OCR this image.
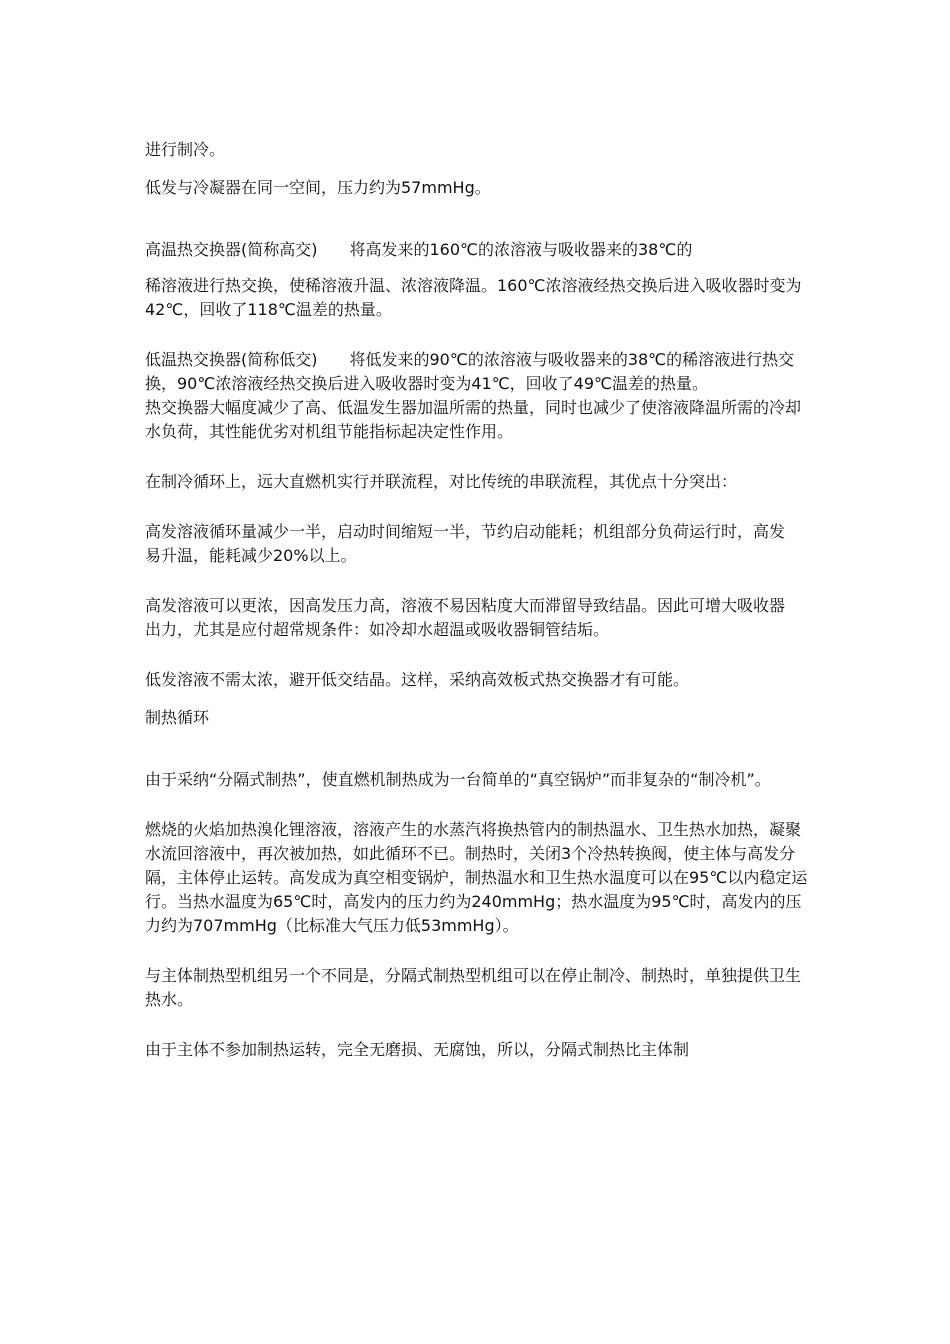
进行制冷。

低发与冷凝器在同一空间，压力约为57mmHg。

高温热交换器(简称高交)　　将高发来的160℃的浓溶液与吸收器来的38℃的

稀溶液进行热交换，使稀溶液升温、浓溶液降温。160℃浓溶液经热交换后进入吸收器时变为42℃，回收了118℃温差的热量。

低温热交换器(简称低交)　　将低发来的90℃的浓溶液与吸收器来的38℃的稀溶液进行热交换，90℃浓溶液经热交换后进入吸收器时变为41℃，回收了49℃温差的热量。

热交换器大幅度减少了高、低温发生器加温所需的热量，同时也减少了使溶液降温所需的冷却水负荷，其性能优劣对机组节能指标起决定性作用。

在制冷循环上，远大直燃机实行并联流程，对比传统的串联流程，其优点十分突出：

高发溶液循环量减少一半，启动时间缩短一半，节约启动能耗；机组部分负荷运行时，高发
易升温，能耗减少20%以上。

高发溶液可以更浓，因高发压力高，溶液不易因粘度大而滞留导致结晶。因此可增大吸收器
出力，尤其是应付超常规条件：如冷却水超温或吸收器铜管结垢。

低发溶液不需太浓，避开低交结晶。这样，采纳高效板式热交换器才有可能。

制热循环

由于采纳“分隔式制热”，使直燃机制热成为一台简单的“真空锅炉”而非复杂的“制冷机”。

燃烧的火焰加热溴化锂溶液，溶液产生的水蒸汽将换热管内的制热温水、卫生热水加热，凝聚水流回溶液中，再次被加热，如此循环不已。制热时，关闭3个冷热转换阀，使主体与高发分隔，主体停止运转。高发成为真空相变锅炉，制热温水和卫生热水温度可以在95℃以内稳定运行。当热水温度为65℃时，高发内的压力约为240mmHg；热水温度为95℃时，高发内的压力约为707mmHg（比标准大气压力低53mmHg）。

与主体制热型机组另一个不同是，分隔式制热型机组可以在停止制冷、制热时，单独提供卫生热水。

由于主体不参加制热运转，完全无磨损、无腐蚀，所以，分隔式制热比主体制
